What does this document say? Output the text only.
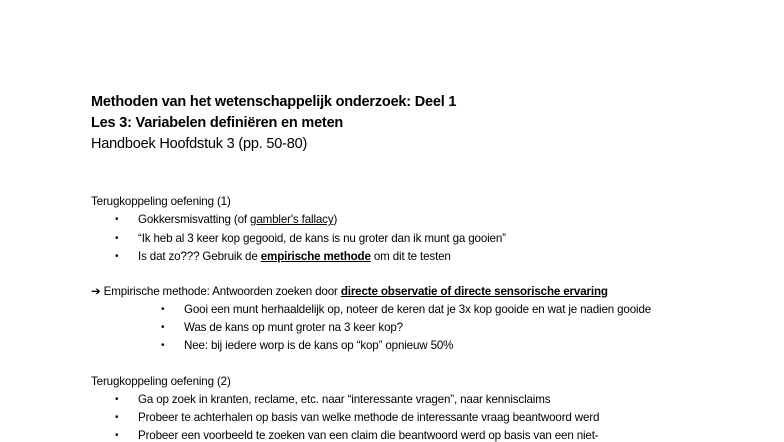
Methoden van het wetenschappelijk onderzoek: Deel 1
Les 3: Variabelen definiëren en meten
Handboek Hoofdstuk 3 (pp. 50-80)
Terugkoppeling oefening (1)
• Gokkersmisvatting (of gambler's fallacy)
• “Ik heb al 3 keer kop gegooid, de kans is nu groter dan ik munt ga gooien”
• Is dat zo??? Gebruik de empirische methode om dit te testen
➔ Empirische methode: Antwoorden zoeken door directe observatie of directe sensorische ervaring
• Gooi een munt herhaaldelijk op, noteer de keren dat je 3x kop gooide en wat je nadien gooide
• Was de kans op munt groter na 3 keer kop?
• Nee: bij iedere worp is de kans op “kop” opnieuw 50%
Terugkoppeling oefening (2)
• Ga op zoek in kranten, reclame, etc. naar “interessante vragen”, naar kennisclaims
• Probeer te achterhalen op basis van welke methode de interessante vraag beantwoord werd
• Probeer een voorbeeld te zoeken van een claim die beantwoord werd op basis van een niet-
